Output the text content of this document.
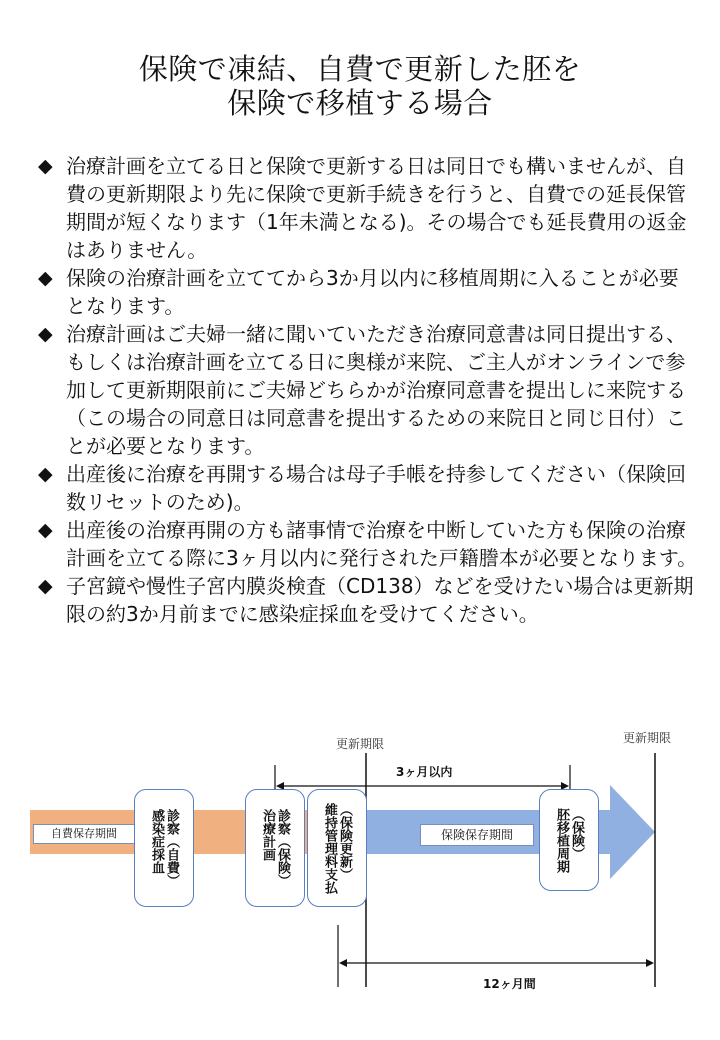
保険で凍結、自費で更新した胚を
保険で移植する場合
◆ 治療計画を立てる日と保険で更新する日は同日でも構いませんが、自費の更新期限より先に保険で更新手続きを行うと、自費での延長保管期間が短くなります（1年未満となる)。その場合でも延長費用の返金はありません。
◆ 保険の治療計画を立ててから3か月以内に移植周期に入ることが必要となります。
◆ 治療計画はご夫婦一緒に聞いていただき治療同意書は同日提出する、もしくは治療計画を立てる日に奥様が来院、ご主人がオンラインで参加して更新期限前にご夫婦どちらかが治療同意書を提出しに来院する（この場合の同意日は同意書を提出するための来院日と同じ日付）ことが必要となります。
◆ 出産後に治療を再開する場合は母子手帳を持参してください（保険回数リセットのため)。
◆ 出産後の治療再開の方も諸事情で治療を中断していた方も保険の治療計画を立てる際に3ヶ月以内に発行された戸籍謄本が必要となります。
◆ 子宮鏡や慢性子宮内膜炎検査（CD138）などを受けたい場合は更新期限の約3か月前までに感染症採血を受けてください。
更新期限	更新期限
3ヶ月以内
12ヶ月間
自費保存期間	保険保存期間
診察（自費）
感染症採血	診察（保険）
治療計画	（保険更新）
維持管理料支払	（保険）
胚移植周期
